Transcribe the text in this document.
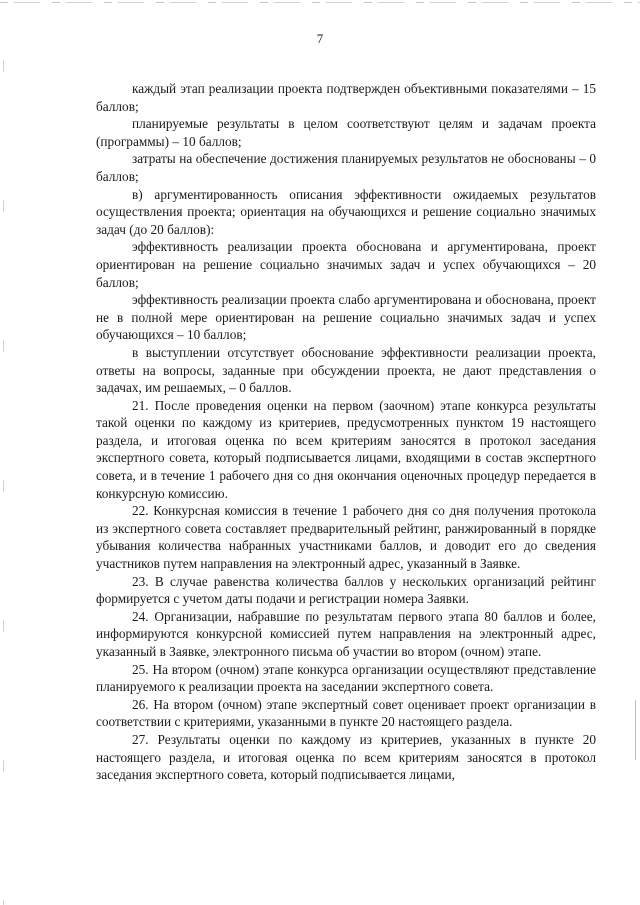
7

каждый этап реализации проекта подтвержден объективными показателями – 15 баллов;

планируемые результаты в целом соответствуют целям и задачам проекта (программы) – 10 баллов;

затраты на обеспечение достижения планируемых результатов не обоснованы – 0 баллов;

в) аргументированность описания эффективности ожидаемых результатов осуществления проекта; ориентация на обучающихся и решение социально значимых задач (до 20 баллов):

эффективность реализации проекта обоснована и аргументирована, проект ориентирован на решение социально значимых задач и успех обучающихся – 20 баллов;

эффективность реализации проекта слабо аргументирована и обоснована, проект не в полной мере ориентирован на решение социально значимых задач и успех обучающихся – 10 баллов;

в выступлении отсутствует обоснование эффективности реализации проекта, ответы на вопросы, заданные при обсуждении проекта, не дают представления о задачах, им решаемых, – 0 баллов.

21. После проведения оценки на первом (заочном) этапе конкурса результаты такой оценки по каждому из критериев, предусмотренных пунктом 19 настоящего раздела, и итоговая оценка по всем критериям заносятся в протокол заседания экспертного совета, который подписывается лицами, входящими в состав экспертного совета, и в течение 1 рабочего дня со дня окончания оценочных процедур передается в конкурсную комиссию.

22. Конкурсная комиссия в течение 1 рабочего дня со дня получения протокола из экспертного совета составляет предварительный рейтинг, ранжированный в порядке убывания количества набранных участниками баллов, и доводит его до сведения участников путем направления на электронный адрес, указанный в Заявке.

23. В случае равенства количества баллов у нескольких организаций рейтинг формируется с учетом даты подачи и регистрации номера Заявки.

24. Организации, набравшие по результатам первого этапа 80 баллов и более, информируются конкурсной комиссией путем направления на электронный адрес, указанный в Заявке, электронного письма об участии во втором (очном) этапе.

25. На втором (очном) этапе конкурса организации осуществляют представление планируемого к реализации проекта на заседании экспертного совета.

26. На втором (очном) этапе экспертный совет оценивает проект организации в соответствии с критериями, указанными в пункте 20 настоящего раздела.

27. Результаты оценки по каждому из критериев, указанных в пункте 20 настоящего раздела, и итоговая оценка по всем критериям заносятся в протокол заседания экспертного совета, который подписывается лицами,
